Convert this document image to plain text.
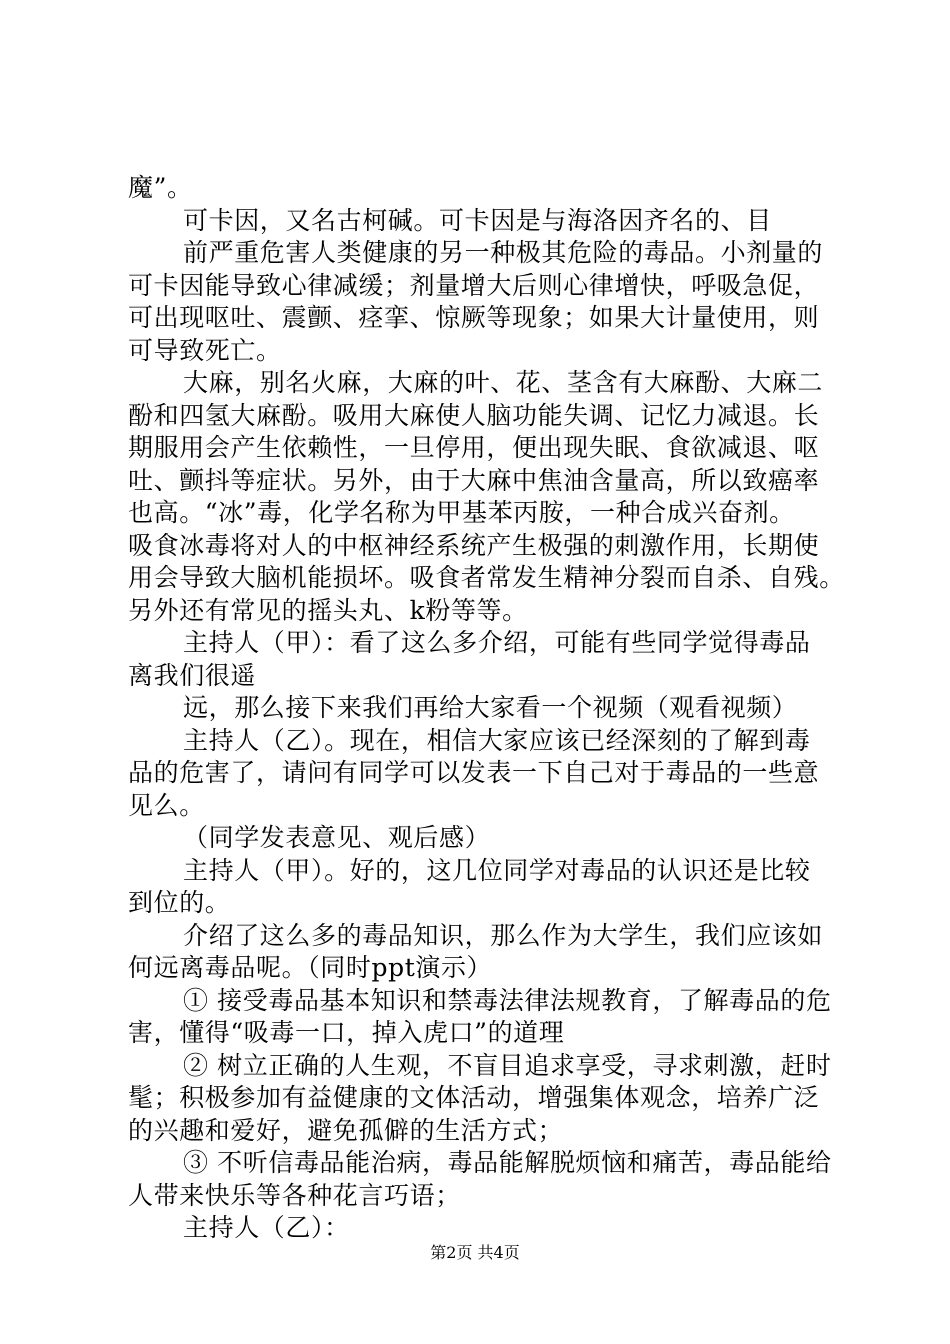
魔”。
可卡因，又名古柯碱。可卡因是与海洛因齐名的、目
前严重危害人类健康的另一种极其危险的毒品。小剂量的
可卡因能导致心律减缓；剂量增大后则心律增快，呼吸急促，
可出现呕吐、震颤、痉挛、惊厥等现象；如果大计量使用，则
可导致死亡。
大麻，别名火麻，大麻的叶、花、茎含有大麻酚、大麻二
酚和四氢大麻酚。吸用大麻使人脑功能失调、记忆力减退。长
期服用会产生依赖性，一旦停用，便出现失眠、食欲减退、呕
吐、颤抖等症状。另外，由于大麻中焦油含量高，所以致癌率
也高。“冰”毒，化学名称为甲基苯丙胺，一种合成兴奋剂。
吸食冰毒将对人的中枢神经系统产生极强的刺激作用，长期使
用会导致大脑机能损坏。吸食者常发生精神分裂而自杀、自残。
另外还有常见的摇头丸、k粉等等。
主持人（甲）：看了这么多介绍，可能有些同学觉得毒品
离我们很遥
远，那么接下来我们再给大家看一个视频（观看视频）
主持人（乙）。现在，相信大家应该已经深刻的了解到毒
品的危害了，请问有同学可以发表一下自己对于毒品的一些意
见么。
（同学发表意见、观后感）
主持人（甲）。好的，这几位同学对毒品的认识还是比较
到位的。
介绍了这么多的毒品知识，那么作为大学生，我们应该如
何远离毒品呢。（同时ppt演示）
① 接受毒品基本知识和禁毒法律法规教育，了解毒品的危
害，懂得“吸毒一口，掉入虎口”的道理
② 树立正确的人生观，不盲目追求享受，寻求刺激，赶时
髦；积极参加有益健康的文体活动，增强集体观念，培养广泛
的兴趣和爱好，避免孤僻的生活方式；
③ 不听信毒品能治病，毒品能解脱烦恼和痛苦，毒品能给
人带来快乐等各种花言巧语；
主持人（乙）：
第2页 共4页
